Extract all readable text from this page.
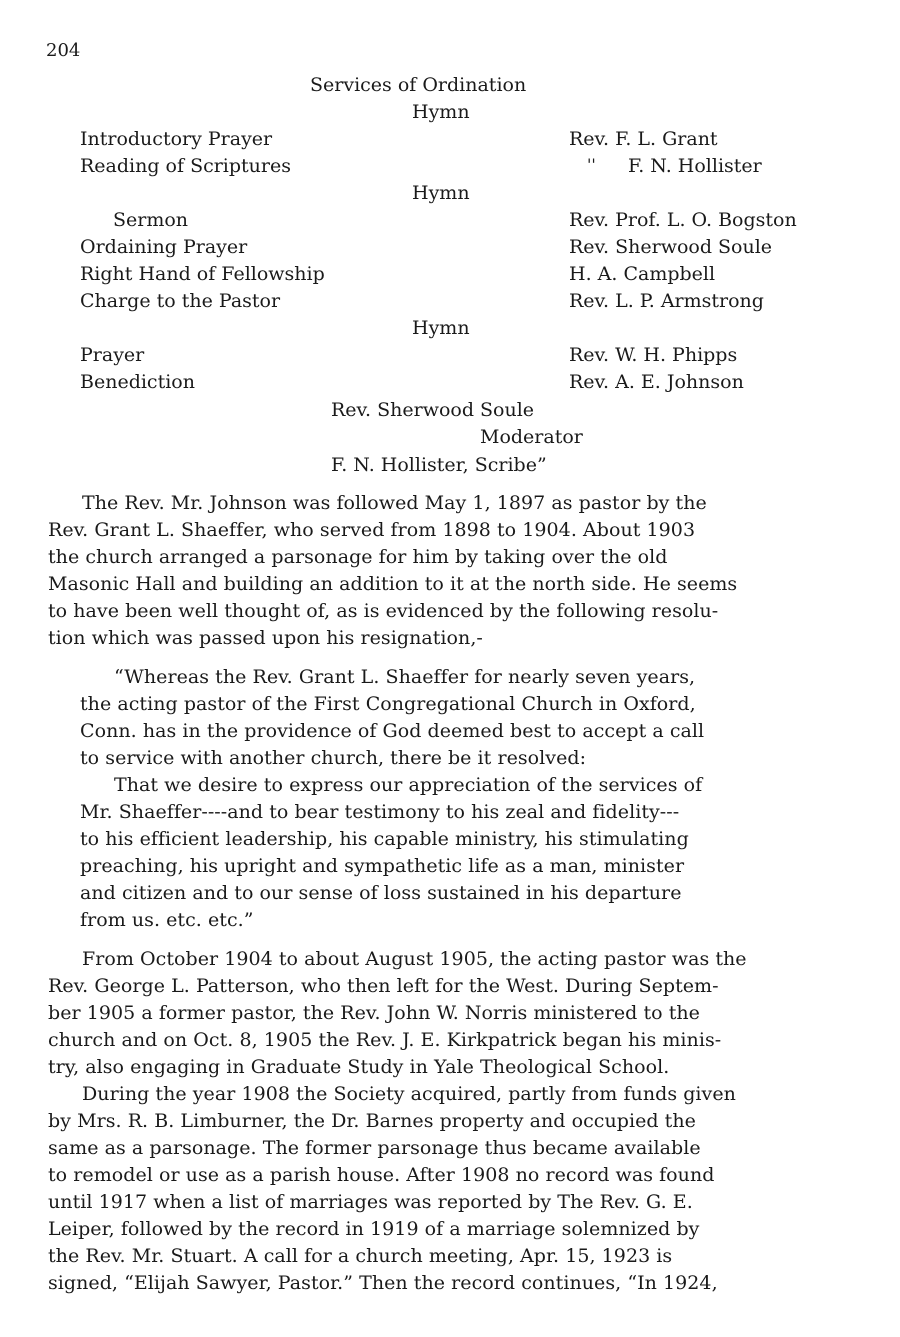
204
Services of Ordination
Hymn
Introductory Prayer	Rev. F. L. Grant
Reading of Scriptures	'' F. N. Hollister
Hymn
Sermon	Rev. Prof. L. O. Bogston
Ordaining Prayer	Rev. Sherwood Soule
Right Hand of Fellowship	H. A. Campbell
Charge to the Pastor	Rev. L. P. Armstrong
Hymn
Prayer	Rev. W. H. Phipps
Benediction	Rev. A. E. Johnson
Rev. Sherwood Soule
Moderator
F. N. Hollister, Scribe”

The Rev. Mr. Johnson was followed May 1, 1897 as pastor by the
Rev. Grant L. Shaeffer, who served from 1898 to 1904. About 1903
the church arranged a parsonage for him by taking over the old
Masonic Hall and building an addition to it at the north side. He seems
to have been well thought of, as is evidenced by the following resolu-
tion which was passed upon his resignation,-

“Whereas the Rev. Grant L. Shaeffer for nearly seven years,
the acting pastor of the First Congregational Church in Oxford,
Conn. has in the providence of God deemed best to accept a call
to service with another church, there be it resolved:

That we desire to express our appreciation of the services of
Mr. Shaeffer----and to bear testimony to his zeal and fidelity---
to his efficient leadership, his capable ministry, his stimulating
preaching, his upright and sympathetic life as a man, minister
and citizen and to our sense of loss sustained in his departure
from us. etc. etc.”

From October 1904 to about August 1905, the acting pastor was the
Rev. George L. Patterson, who then left for the West. During Septem-
ber 1905 a former pastor, the Rev. John W. Norris ministered to the
church and on Oct. 8, 1905 the Rev. J. E. Kirkpatrick began his minis-
try, also engaging in Graduate Study in Yale Theological School.

During the year 1908 the Society acquired, partly from funds given
by Mrs. R. B. Limburner, the Dr. Barnes property and occupied the
same as a parsonage. The former parsonage thus became available
to remodel or use as a parish house. After 1908 no record was found
until 1917 when a list of marriages was reported by The Rev. G. E.
Leiper, followed by the record in 1919 of a marriage solemnized by
the Rev. Mr. Stuart. A call for a church meeting, Apr. 15, 1923 is
signed, “Elijah Sawyer, Pastor.” Then the record continues, “In 1924,
